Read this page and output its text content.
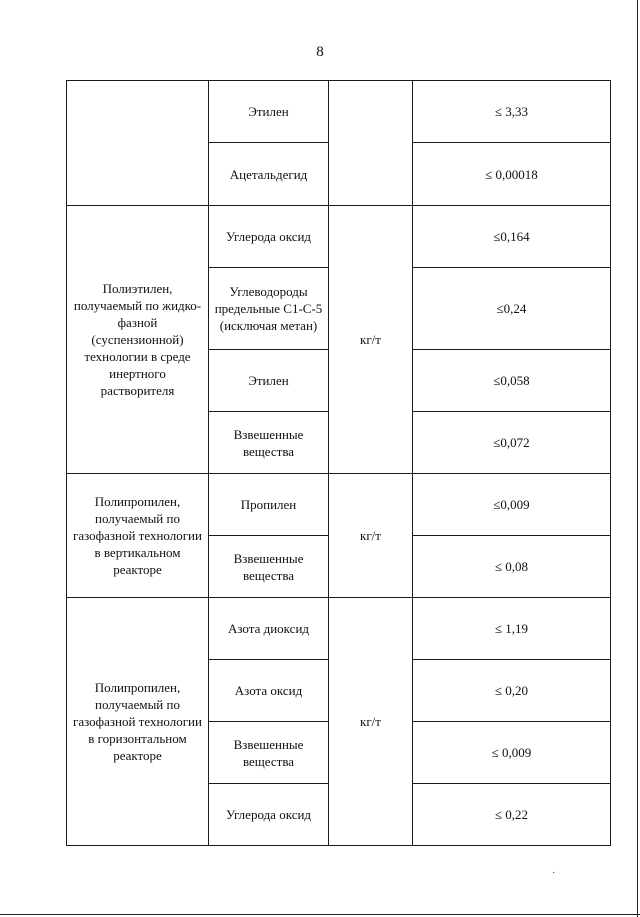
8
	Этилен		≤ 3,33
	Ацетальдегид		≤ 0,00018
Полиэтилен, получаемый по жидко-фазной (суспензионной) технологии в среде инертного растворителя	Углерода оксид	кг/т	≤0,164
	Углеводороды предельные С1-С-5 (исключая метан)		≤0,24
	Этилен		≤0,058
	Взвешенные вещества		≤0,072
Полипропилен, получаемый по газофазной технологии в вертикальном реакторе	Пропилен	кг/т	≤0,009
	Взвешенные вещества		≤ 0,08
Полипропилен, получаемый по газофазной технологии в горизонтальном реакторе	Азота диоксид	кг/т	≤ 1,19
	Азота оксид		≤ 0,20
	Взвешенные вещества		≤ 0,009
	Углерода оксид		≤ 0,22
·
